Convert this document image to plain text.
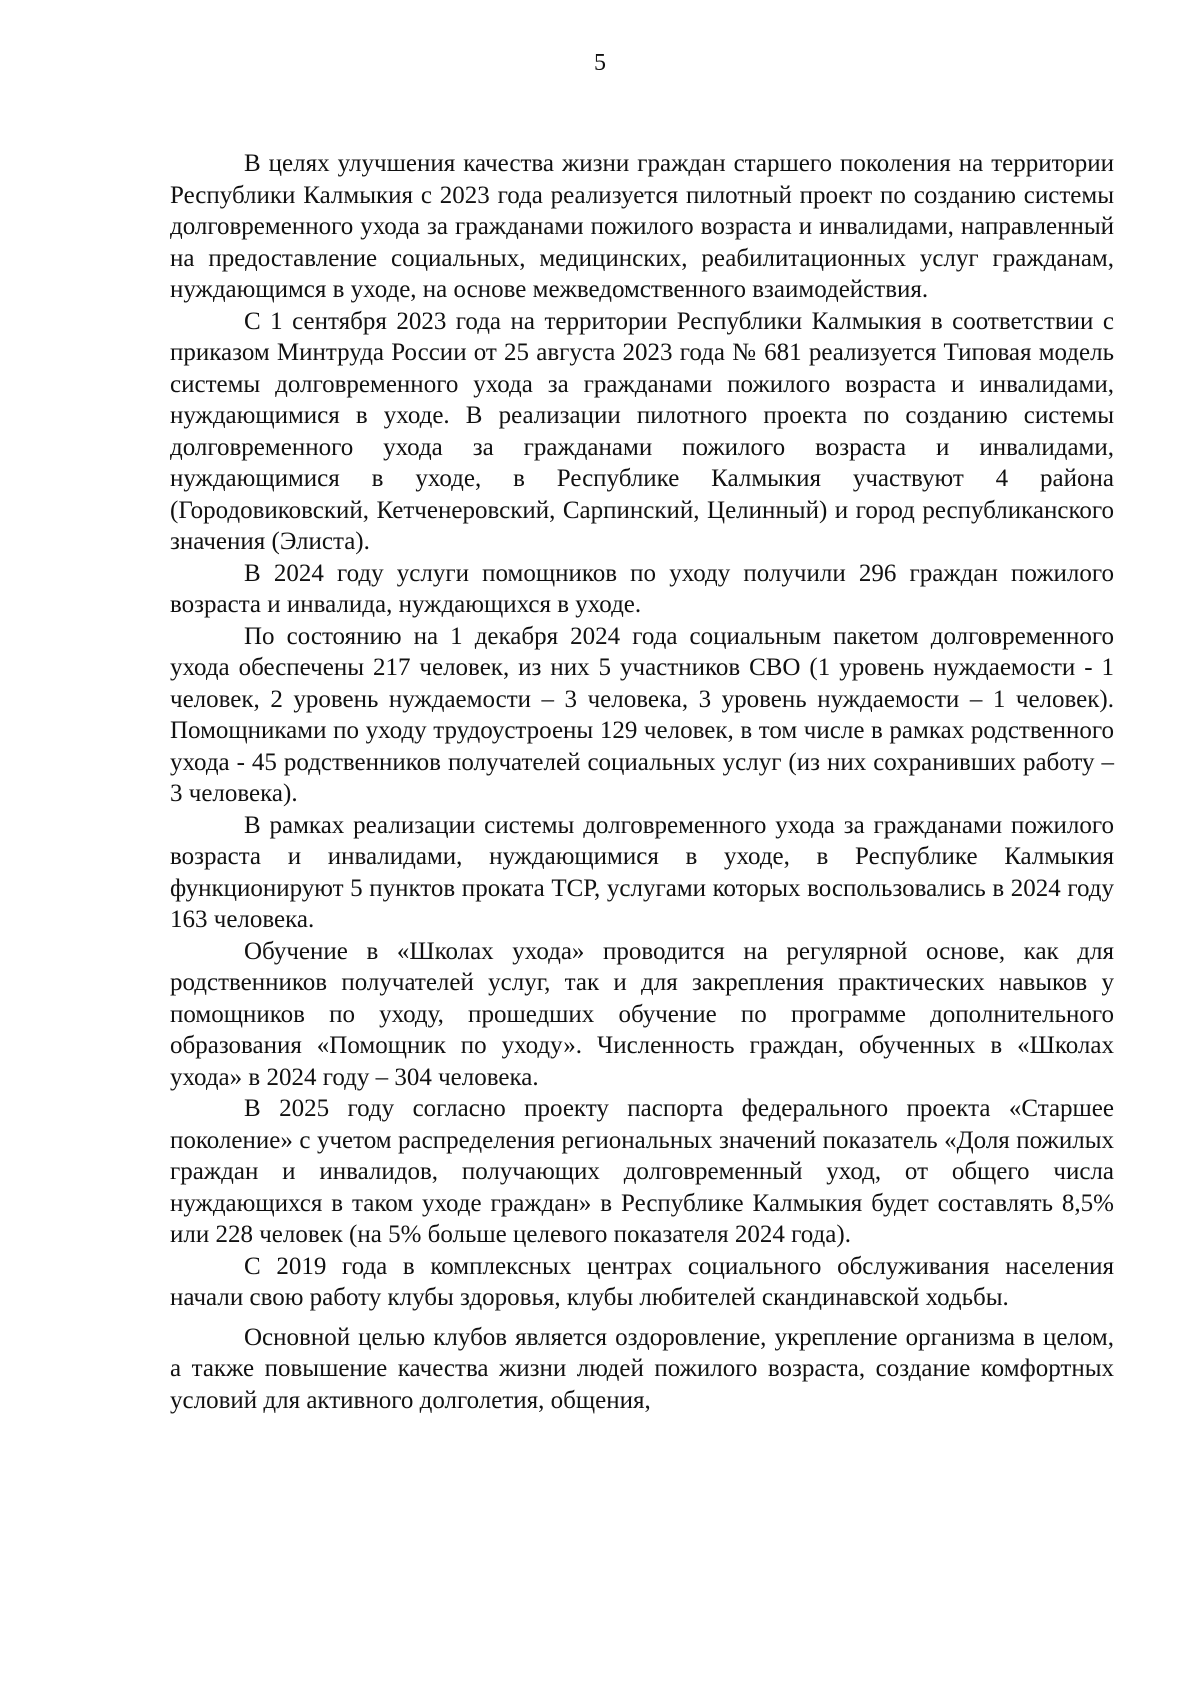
5

В целях улучшения качества жизни граждан старшего поколения на территории Республики Калмыкия с 2023 года реализуется пилотный проект по созданию системы долговременного ухода за гражданами пожилого возраста и инвалидами, направленный на предоставление социальных, медицинских, реабилитационных услуг гражданам, нуждающимся в уходе, на основе межведомственного взаимодействия.

С 1 сентября 2023 года на территории Республики Калмыкия в соответствии с приказом Минтруда России от 25 августа 2023 года № 681 реализуется Типовая модель системы долговременного ухода за гражданами пожилого возраста и инвалидами, нуждающимися в уходе. В реализации пилотного проекта по созданию системы долговременного ухода за гражданами пожилого возраста и инвалидами, нуждающимися в уходе, в Республике Калмыкия участвуют 4 района (Городовиковский, Кетченеровский, Сарпинский, Целинный) и город республиканского значения (Элиста).

В 2024 году услуги помощников по уходу получили 296 граждан пожилого возраста и инвалида, нуждающихся в уходе.

По состоянию на 1 декабря 2024 года социальным пакетом долговременного ухода обеспечены 217 человек, из них 5 участников СВО (1 уровень нуждаемости - 1 человек, 2 уровень нуждаемости – 3 человека, 3 уровень нуждаемости – 1 человек). Помощниками по уходу трудоустроены 129 человек, в том числе в рамках родственного ухода - 45 родственников получателей социальных услуг (из них сохранивших работу – 3 человека).

В рамках реализации системы долговременного ухода за гражданами пожилого возраста и инвалидами, нуждающимися в уходе, в Республике Калмыкия функционируют 5 пунктов проката ТСР, услугами которых воспользовались в 2024 году 163 человека.

Обучение в «Школах ухода» проводится на регулярной основе, как для родственников получателей услуг, так и для закрепления практических навыков у помощников по уходу, прошедших обучение по программе дополнительного образования «Помощник по уходу». Численность граждан, обученных в «Школах ухода» в 2024 году – 304 человека.

В 2025 году согласно проекту паспорта федерального проекта «Старшее поколение» с учетом распределения региональных значений показатель «Доля пожилых граждан и инвалидов, получающих долговременный уход, от общего числа нуждающихся в таком уходе граждан» в Республике Калмыкия будет составлять 8,5% или 228 человек (на 5% больше целевого показателя 2024 года).

С 2019 года в комплексных центрах социального обслуживания населения начали свою работу клубы здоровья, клубы любителей скандинавской ходьбы.

Основной целью клубов является оздоровление, укрепление организма в целом, а также повышение качества жизни людей пожилого возраста, создание комфортных условий для активного долголетия, общения,
